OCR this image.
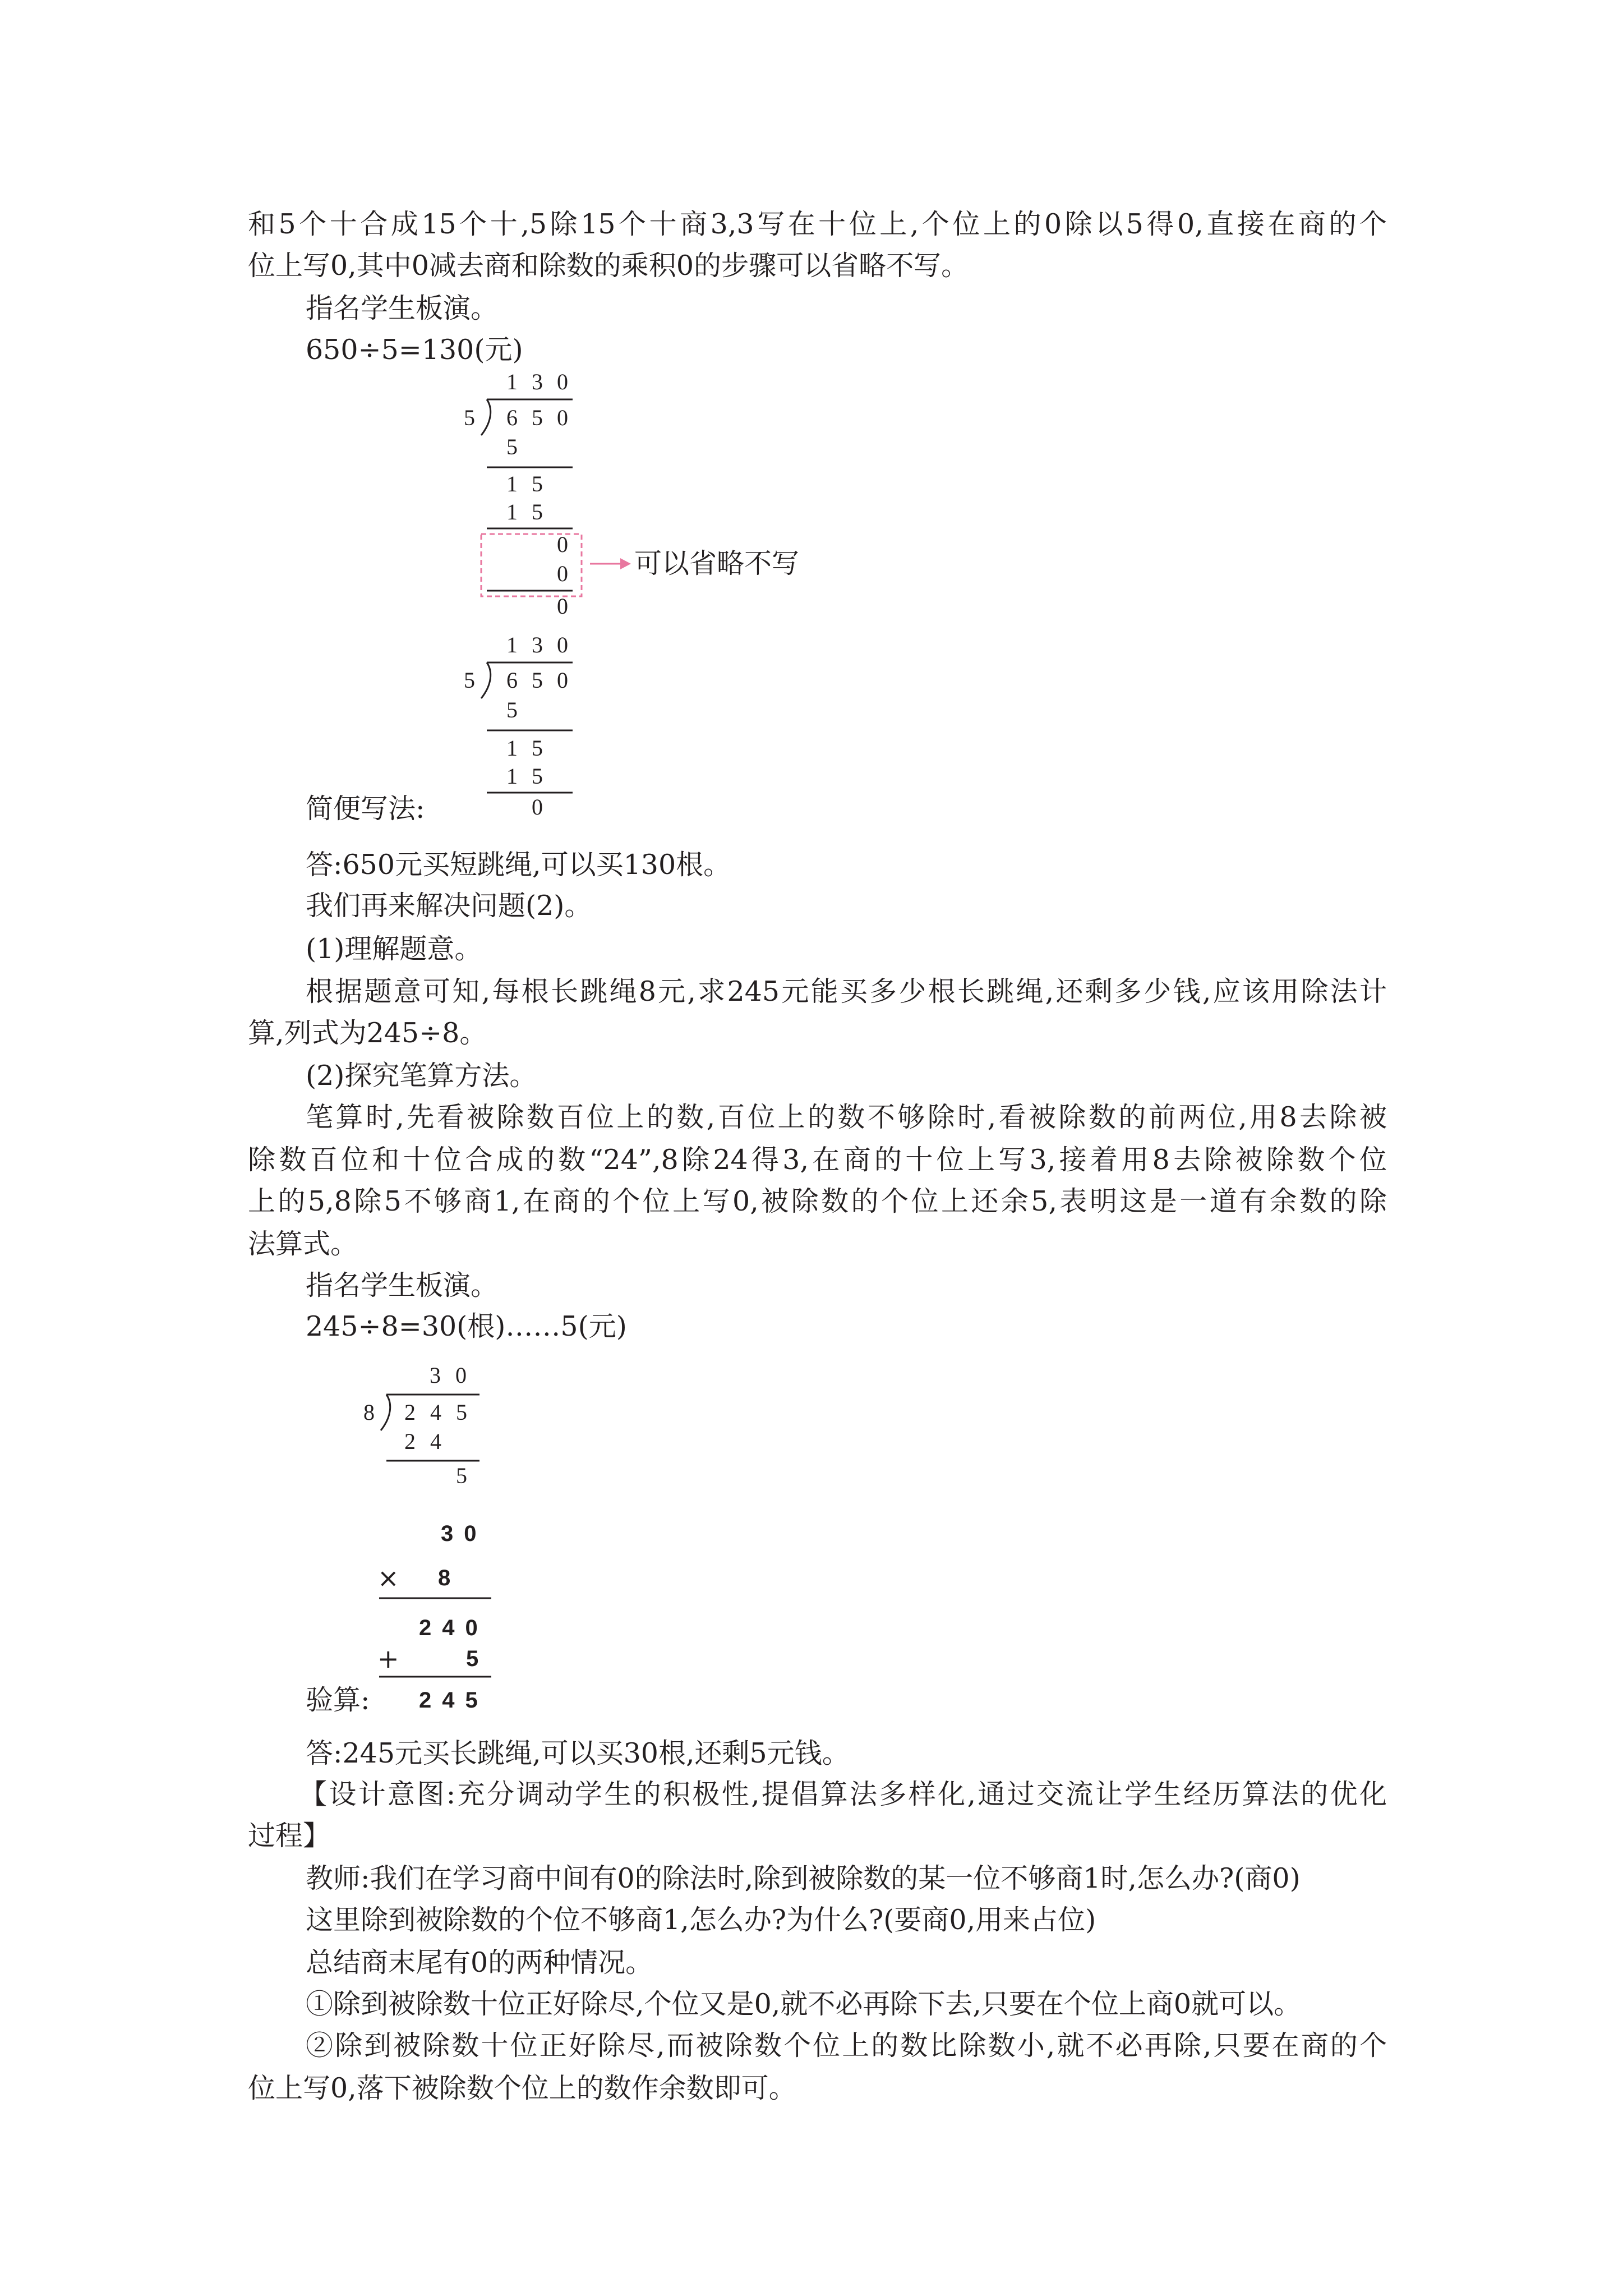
和5个十合成15个十,5除15个十商3,3写在十位上,个位上的0除以5得0,直接在商的个
位上写0,其中0减去商和除数的乘积0的步骤可以省略不写。
指名学生板演。
650÷5=130(元)
130
5 650
5
15
15
0
0
0
可以省略不写
130
5 650
5
15
15
0
简便写法:
答:650元买短跳绳,可以买130根。
我们再来解决问题(2)。
(1)理解题意。
根据题意可知,每根长跳绳8元,求245元能买多少根长跳绳,还剩多少钱,应该用除法计
算,列式为245÷8。
(2)探究笔算方法。
笔算时,先看被除数百位上的数,百位上的数不够除时,看被除数的前两位,用8去除被
除数百位和十位合成的数“24”,8除24得3,在商的十位上写3,接着用8去除被除数个位
上的5,8除5不够商1,在商的个位上写0,被除数的个位上还余5,表明这是一道有余数的除
法算式。
指名学生板演。
245÷8=30(根)……5(元)
30
8 245
24
5
30
× 8
240
+	5
245
验算:
答:245元买长跳绳,可以买30根,还剩5元钱。
【设计意图:充分调动学生的积极性,提倡算法多样化,通过交流让学生经历算法的优化
过程】
教师:我们在学习商中间有0的除法时,除到被除数的某一位不够商1时,怎么办?(商0)
这里除到被除数的个位不够商1,怎么办?为什么?(要商0,用来占位)
总结商末尾有0的两种情况。
①除到被除数十位正好除尽,个位又是0,就不必再除下去,只要在个位上商0就可以。
②除到被除数十位正好除尽,而被除数个位上的数比除数小,就不必再除,只要在商的个
位上写0,落下被除数个位上的数作余数即可。
